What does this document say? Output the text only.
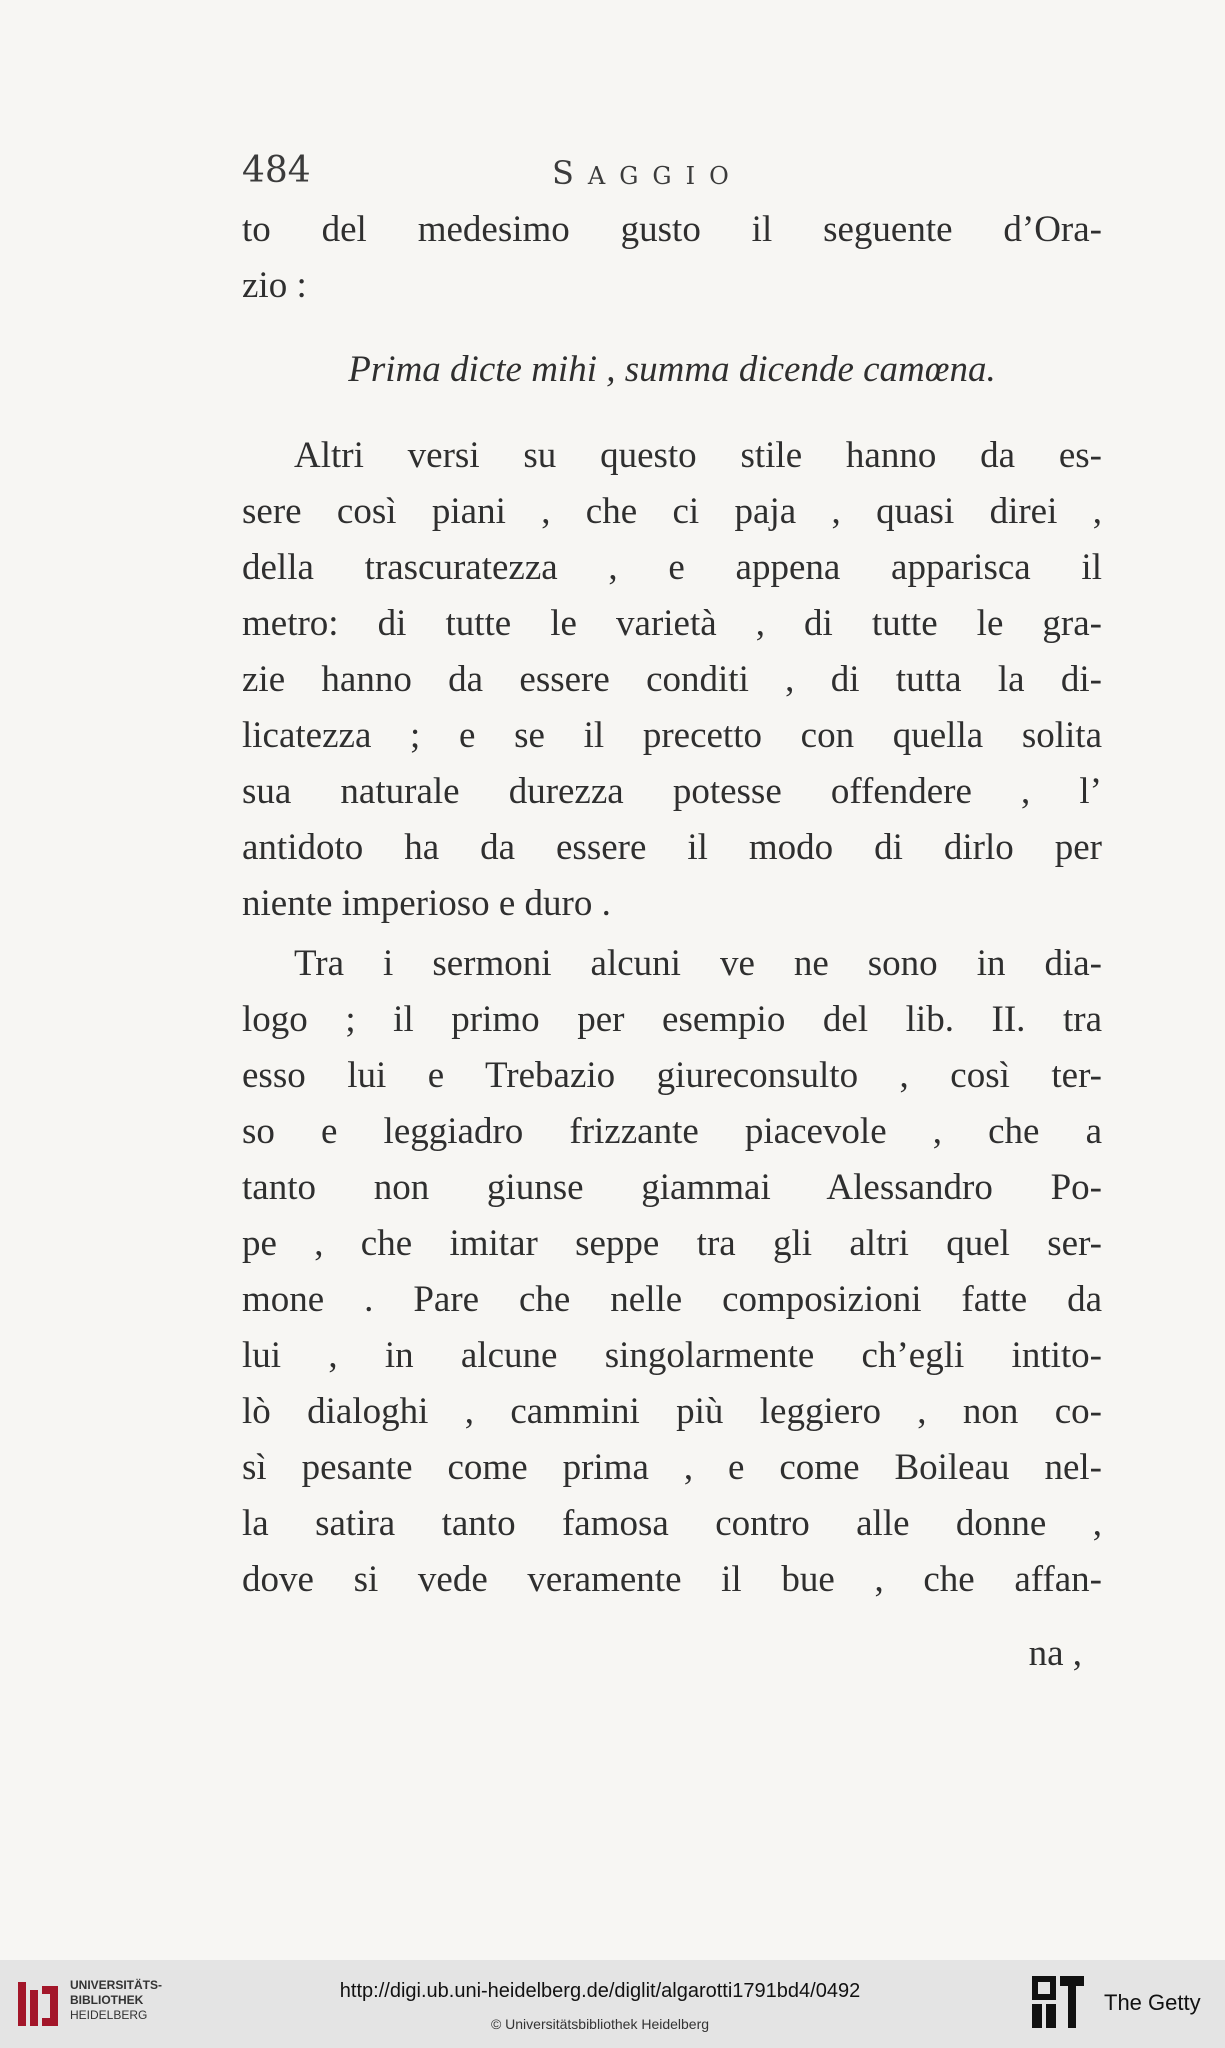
484	SAGGIO
to del medesimo gusto il seguente d’Ora-
zio :
Prima dicte mihi , summa dicende camœna.
Altri versi su questo stile hanno da es-
sere così piani , che ci paja , quasi direi ,
della trascuratezza , e appena apparisca il
metro: di tutte le varietà , di tutte le gra-
zie hanno da essere conditi , di tutta la di-
licatezza ; e se il precetto con quella solita
sua naturale durezza potesse offendere , l’
antidoto ha da essere il modo di dirlo per
niente imperioso e duro .
Tra i sermoni alcuni ve ne sono in dia-
logo ; il primo per esempio del lib. II. tra
esso lui e Trebazio giureconsulto , così ter-
so e leggiadro frizzante piacevole , che a
tanto non giunse giammai Alessandro Po-
pe , che imitar seppe tra gli altri quel ser-
mone . Pare che nelle composizioni fatte da
lui , in alcune singolarmente ch’egli intito-
lò dialoghi , cammini più leggiero , non co-
sì pesante come prima , e come Boileau nel-
la satira tanto famosa contro alle donne ,
dove si vede veramente il bue , che affan-
na ,
UNIVERSITÄTS-
BIBLIOTHEK
HEIDELBERG
http://digi.ub.uni-heidelberg.de/diglit/algarotti1791bd4/0492
© Universitätsbibliothek Heidelberg
The Getty
